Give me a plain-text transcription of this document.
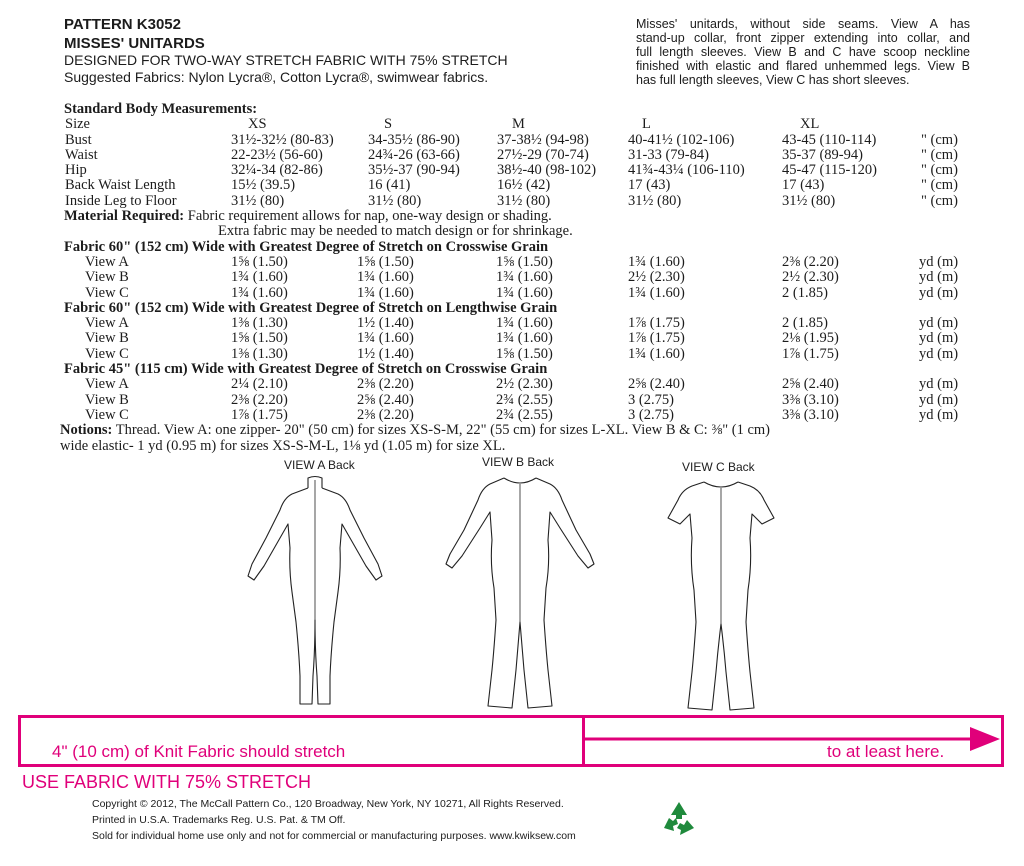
PATTERN K3052
MISSES' UNITARDS
DESIGNED FOR TWO-WAY STRETCH FABRIC WITH 75% STRETCH
Suggested Fabrics: Nylon Lycra®, Cotton Lycra®, swimwear fabrics.
Misses' unitards, without side seams. View A has
stand-up collar, front zipper extending into collar, and
full length sleeves. View B and C have scoop neckline
finished with elastic and flared unhemmed legs. View B
has full length sleeves, View C has short sleeves.
Standard Body Measurements:
Size	XS	S	M	L	XL
Bust	31½-32½ (80-83) 34-35½ (86-90)	37-38½ (94-98)	40-41½ (102-106)	43-45 (110-114)	" (cm)
Waist	22-23½ (56-60)	24¾-26 (63-66)	27½-29 (70-74)	31-33 (79-84)	35-37 (89-94)	" (cm)
Hip	32¼-34 (82-86)	35½-37 (90-94)	38½-40 (98-102) 41¾-43¼ (106-110)	45-47 (115-120)	" (cm)
Back Waist Length	15½ (39.5)	16 (41)	16½ (42)	17 (43)	17 (43)	" (cm)
Inside Leg to Floor	31½ (80)	31½ (80)	31½ (80)	31½ (80)	31½ (80)	" (cm)
Material Required: Fabric requirement allows for nap, one-way design or shading.
Extra fabric may be needed to match design or for shrinkage.
Fabric 60" (152 cm) Wide with Greatest Degree of Stretch on Crosswise Grain
View A	1⅝ (1.50)	1⅝ (1.50)	1⅝ (1.50)	1¾ (1.60)	2⅜ (2.20)	yd (m)
View B	1¾ (1.60)	1¾ (1.60)	1¾ (1.60)	2½ (2.30)	2½ (2.30)	yd (m)
View C	1¾ (1.60)	1¾ (1.60)	1¾ (1.60)	1¾ (1.60)	2 (1.85)	yd (m)
Fabric 60" (152 cm) Wide with Greatest Degree of Stretch on Lengthwise Grain
View A	1⅜ (1.30)	1½ (1.40)	1¾ (1.60)	1⅞ (1.75)	2 (1.85)	yd (m)
View B	1⅝ (1.50)	1¾ (1.60)	1¾ (1.60)	1⅞ (1.75)	2⅛ (1.95)	yd (m)
View C	1⅜ (1.30)	1½ (1.40)	1⅝ (1.50)	1¾ (1.60)	1⅞ (1.75)	yd (m)
Fabric 45" (115 cm) Wide with Greatest Degree of Stretch on Crosswise Grain
View A	2¼ (2.10)	2⅜ (2.20)	2½ (2.30)	2⅝ (2.40)	2⅝ (2.40)	yd (m)
View B	2⅜ (2.20)	2⅝ (2.40)	2¾ (2.55)	3 (2.75)	3⅜ (3.10)	yd (m)
View C	1⅞ (1.75)	2⅜ (2.20)	2¾ (2.55)	3 (2.75)	3⅜ (3.10)	yd (m)
Notions: Thread. View A: one zipper- 20" (50 cm) for sizes XS-S-M, 22" (55 cm) for sizes L-XL. View B & C: ⅜" (1 cm)
wide elastic- 1 yd (0.95 m) for sizes XS-S-M-L, 1⅛ yd (1.05 m) for size XL.
VIEW A Back	VIEW B Back	VIEW C Back
4" (10 cm) of Knit Fabric should stretch	to at least here.
USE FABRIC WITH 75% STRETCH
Copyright © 2012, The McCall Pattern Co., 120 Broadway, New York, NY 10271, All Rights Reserved.
Printed in U.S.A. Trademarks Reg. U.S. Pat. & TM Off.
Sold for individual home use only and not for commercial or manufacturing purposes. www.kwiksew.com
